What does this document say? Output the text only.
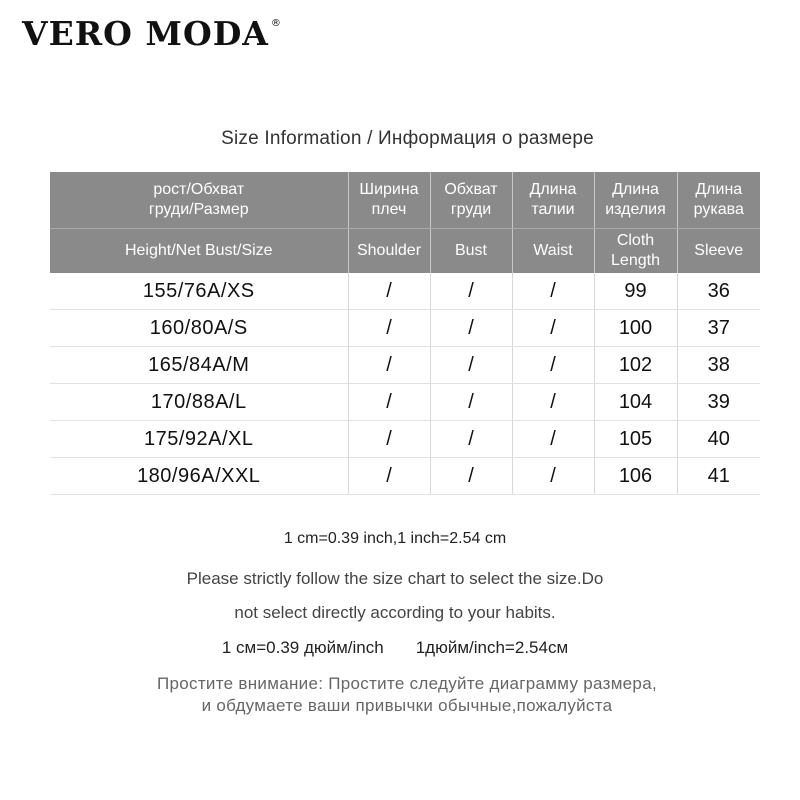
VERO MODA ®
Size Information / Информация о размере
рост/Обхват груди/Размер	Ширина плеч	Обхват груди	Длина талии	Длина изделия	Длина рукава
Height/Net Bust/Size	Shoulder	Bust	Waist	Cloth Length	Sleeve
155/76A/XS	/	/	/	99	36
160/80A/S	/	/	/	100	37
165/84A/M	/	/	/	102	38
170/88A/L	/	/	/	104	39
175/92A/XL	/	/	/	105	40
180/96A/XXL	/	/	/	106	41
1 cm=0.39 inch,1 inch=2.54 cm
Please strictly follow the size chart to select the size.Do
not select directly according to your habits.
1 см=0.39 дюйм/inch 1дюйм/inch=2.54см
Простите внимание: Простите следуйте диаграмму размера,
и обдумаете ваши привычки обычные,пожалуйста
